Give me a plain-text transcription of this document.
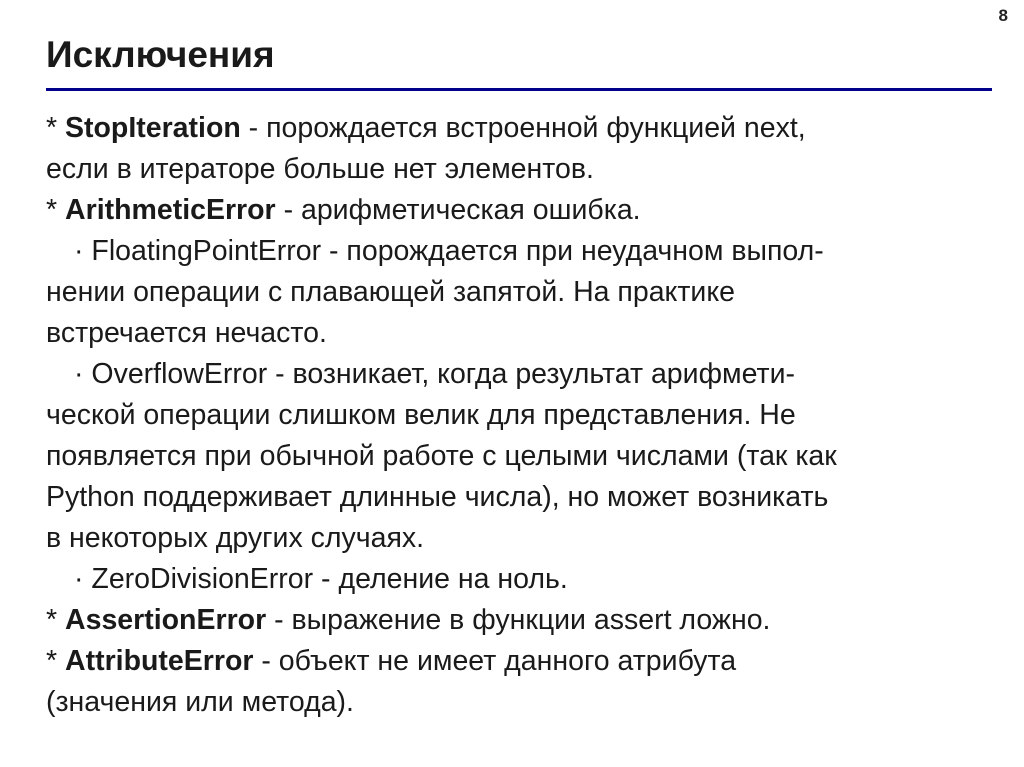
8
Исключения
* StopIteration - порождается встроенной функцией next,
если в итераторе больше нет элементов.
* ArithmeticError - арифметическая ошибка.
· FloatingPointError - порождается при неудачном выпол-
нении операции с плавающей запятой. На практике
встречается нечасто.
· OverflowError - возникает, когда результат арифмети-
ческой операции слишком велик для представления. Не
появляется при обычной работе с целыми числами (так как
Python поддерживает длинные числа), но может возникать
в некоторых других случаях.
· ZeroDivisionError - деление на ноль.
* AssertionError - выражение в функции assert ложно.
* AttributeError - объект не имеет данного атрибута
(значения или метода).
